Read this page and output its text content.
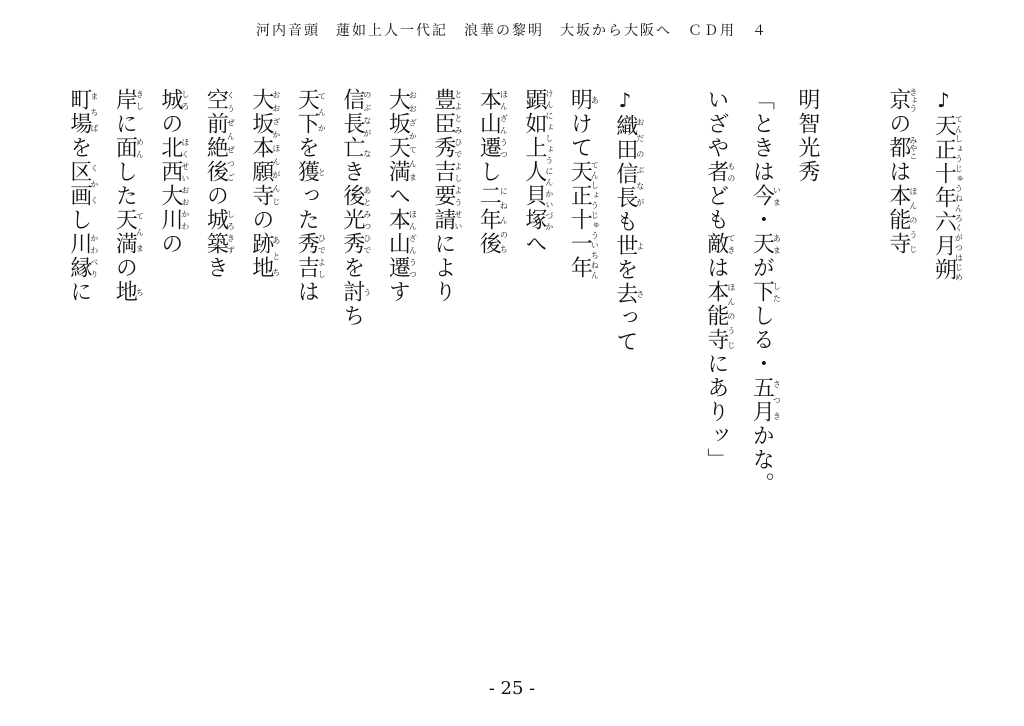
河内音頭　蓮如上人一代記　浪華の黎明　大坂から大阪へ　ＣＤ用　４
♪天正十年六月朔てんしょうじゅうねんろくがつはじめ
京きょうの都みやこは本能寺ほんのうじ
明智光秀
「ときは今いま・天あまが下したしる・五月さつきかな。
いざや者ものども敵てきは本能寺ほんのうじにありッ」
♪織田信長おだのぶながも世よを去さって
明あけて天正十一年てんしょうじゅういちねん
顕如上人貝塚けんにょしょうにんかいづかへ
本山遷ほんざんうつし二年後にねんのち
豊臣秀吉要請とよとみひでよしようせいにより
大坂天満おおざかてんまへ本山遷ほんざんうつす
信長亡のぶなが なき後光秀あとみつひでを討うち
天下てんかを獲とった秀吉ひでよしは
大坂本願寺おおざかほんがんじの跡地あとち
空前絶後くうぜんぜつごの城築しろきずき
城しろの北西大川ほくせいおおかわの
岸きしに面めんした天満てんまの地ち
町場まちばを区画くかくし川縁かわべりに
- 25 -
